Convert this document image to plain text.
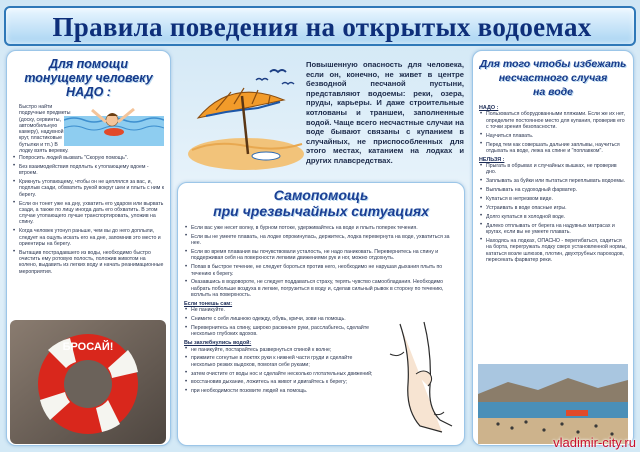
Правила поведения на открытых водоемах
Для помощи
тонущему человеку
НАДО :
Быстро найти подручные предметы (доску, сервинты, автомобильную камеру), надувной круг, пластиковые бутылки и тп.) В лодку взять веревку.
• Попросить людей вызвать "Скорую помощь".
• Без взаимодействия подплыть к утопающему вдоем - втроем.
• Крикнуть утопающему, чтобы он не цеплялся за вас, и, подплыв сзади, обхватить рукой вокруг шеи и плыть с ним к берегу.
• Если он тонет уже на дну, ухватить его ударом или вырвать сзади, а также по лицу иногда дать его обхватить. В этом случае утопающего лучше транспортировать, уложив на спину.
• Когда человек утонул раньше, чем вы до него доплыли, следует на ощупь искать его на дне, запомнив это место и ориентиры на берегу.
• Вытащив пострадавшего из воды, необходимо быстро очистить ему ротовую полость, положив животом на колено, выдавить из легких воду и начать реанимационные мероприятия.
БРОСАЙ!
Повышенную опасность для человека, если он, конечно, не живет в центре безводной песчаной пустыни, представляют водоемы: реки, озера, пруды, карьеры. И даже строительные котлованы и траншеи, заполненные водой. Чаще всего несчастные случаи на воде бывают связаны с купанием в случайных, не приспособленных для этого местах, катанием на лодках и других плавсредствах.
Самопомощь
при чрезвычайных ситуациях
• Если вас уже несет волну, в бурном потоке, удерживайтесь на воде и плыть поперек течения.
• Если вы не умеете плавать, на лодке опрокинулась, держитесь, лодка перевернута на воде, ухватиться за нее.
• Если во время плавания вы почувствовали усталость, не надо паниковать. Перевернитесь на спину и поддерживая себя на поверхности легкими движениями рук и ног, можно отдохнуть.
• Попав в быстрое течение, не следует бороться против него, необходимо не нарушая дыхания плыть по течению к берегу.
• Оказавшись в водовороте, не следует поддаваться страху, терять чувство самообладания. Необходимо набрать побольше воздуха в легкие, погрузиться в воду и, сделав сильный рывок в сторону по течению, всплыть на поверхность.
Если тонешь сам:
• Не паникуйте.
• Снимите с себя лишнюю одежду, обувь, кричи, зови на помощь.
• Перевернитесь на спину, широко раскиньте руки, расслабьтесь, сделайте несколько глубоких вдохов.
Вы захлебнулись водой:
• не паникуйте, постарайтесь развернуться спиной к волне;
• прижмите согнутые в локтях руки к нижней части груди и сделайте несколько резких выдохов, помогая себе руками;
• затем очистите от воды нос и сделайте несколько глотательных движений;
• восстановив дыхание, ложитесь на живот и двигайтесь к берегу;
• при необходимости позовите людей на помощь.
Для того чтобы избежать
несчастного случая
на воде
НАДО :
• Пользоваться оборудованными пляжами. Если же их нет, определите постоянное место для купания, проверив его с точки зрения безопасности.
• Научиться плавать.
• Перед тем как совершать дальние заплывы, научиться отдыхать на воде, лежа на спине и "поплавком".
НЕЛЬЗЯ :
• Прыгать в обрывах и случайных вышках, не проверив дно.
• Заплывать за буйки или пытаться переплывать водоемы.
• Выплывать на судоходный фарватер.
• Купаться в нетрезвом виде.
• Устраивать в воде опасные игры.
• Долго купаться в холодной воде.
• Далеко отплывать от берега на надувных матрасах и кругах, если вы не умеете плавать.
• Находясь на лодках, ОПАСНО - перегибаться, садиться на борта, перегружать лодку сверх установленной нормы, кататься возле шлюзов, плотин, двухтрубных пароходов, пересекать фарватер реки.
vladimir-city.ru
